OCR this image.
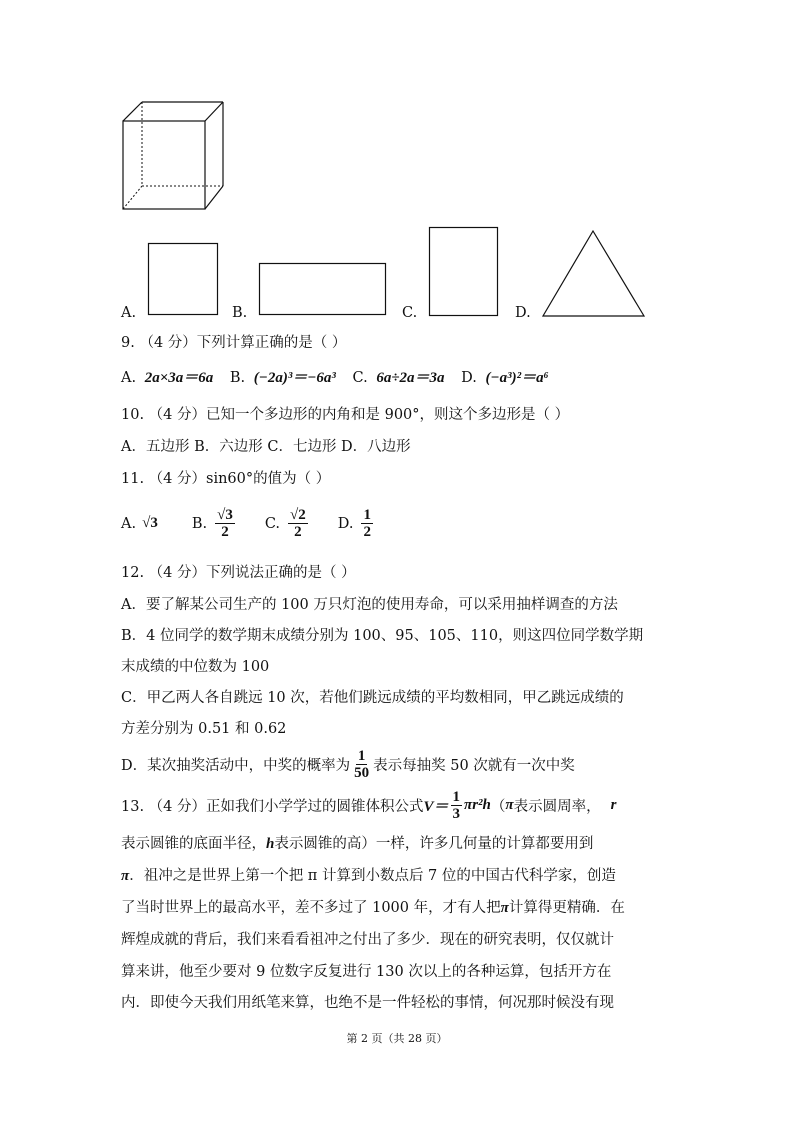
A.	B.	C.	D.
9. （4 分）下列计算正确的是（ ）
A. 2a×3a＝6a B. (−2a)³＝−6a³ C. 6a÷2a＝3a D. (−a³)²＝a⁶
10. （4 分）已知一个多边形的内角和是 900°，则这个多边形是（ ）
A．五边形 B．六边形 C．七边形 D．八边形
11. （4 分）sin60°的值为（ ）
A. √3 B. $\frac{√3}{2} C$. $\frac{√2}{2} D$. $\frac{1}{2}$
12. （4 分）下列说法正确的是（ ）
A．要了解某公司生产的 100 万只灯泡的使用寿命，可以采用抽样调查的方法
B．4 位同学的数学期末成绩分别为 100、95、105、110，则这四位同学数学期
末成绩的中位数为 100
C．甲乙两人各自跳远 10 次，若他们跳远成绩的平均数相同，甲乙跳远成绩的
方差分别为 0.51 和 0.62
D．某次抽奖活动中，中奖的概率为 $\frac{1}{50}$ 表示每抽奖 50 次就有一次中奖
13. （4 分）正如我们小学学过的圆锥体积公式 $V= \frac{1}{3} \pi r^2h$ （ π 表示圆周率， r
表示圆锥的底面半径，h表示圆锥的高）一样，许多几何量的计算都要用到
π．祖冲之是世界上第一个把 π 计算到小数点后 7 位的中国古代科学家，创造
了当时世界上的最高水平，差不多过了 1000 年，才有人把π计算得更精确．在
辉煌成就的背后，我们来看看祖冲之付出了多少．现在的研究表明，仅仅就计
算来讲，他至少要对 9 位数字反复进行 130 次以上的各种运算，包括开方在
内．即使今天我们用纸笔来算，也绝不是一件轻松的事情，何况那时候没有现
第 2 页（共 28 页）
